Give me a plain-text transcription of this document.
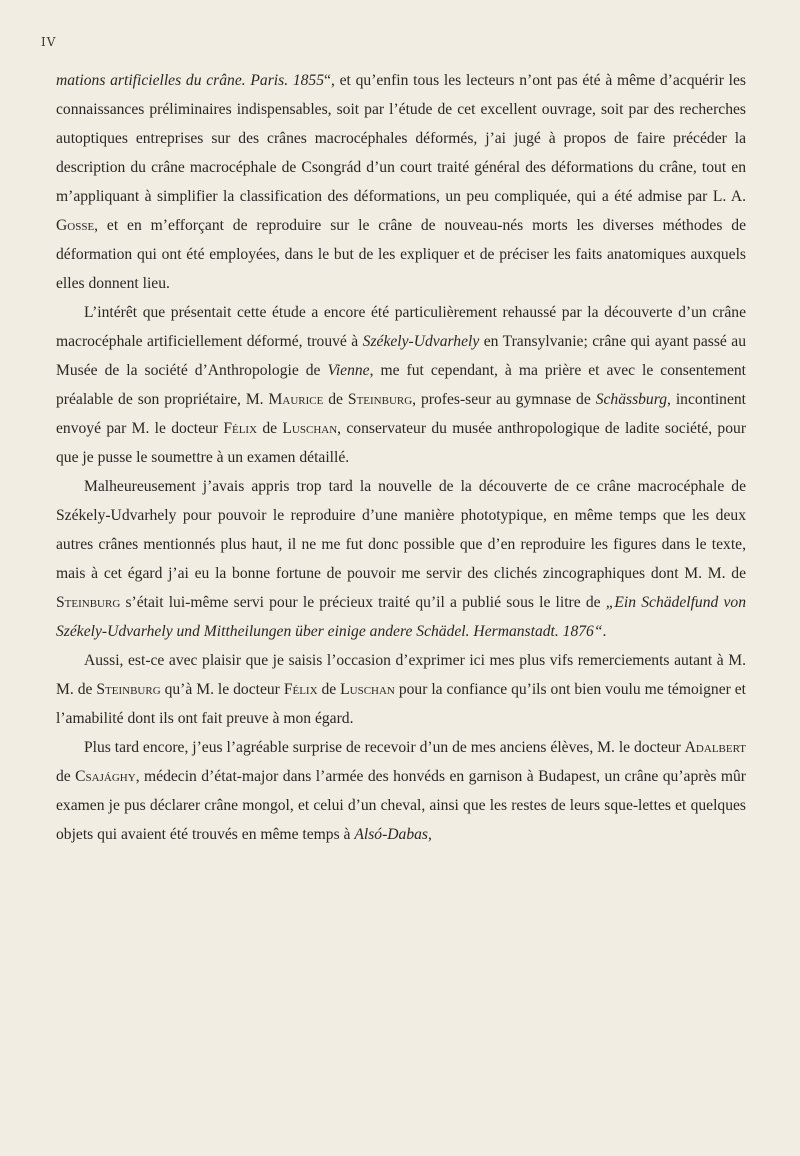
IV

mations artificielles du crâne. Paris. 1855“, et qu’enfin tous les lecteurs n’ont pas été à même d’acquérir les connaissances préliminaires indispensables, soit par l’étude de cet excellent ouvrage, soit par des recherches autoptiques entreprises sur des crânes macrocéphales déformés, j’ai jugé à propos de faire précéder la description du crâne macrocéphale de Csongrád d’un court traité général des déformations du crâne, tout en m’appliquant à simplifier la classification des déformations, un peu compliquée, qui a été admise par L. A. Gosse, et en m’efforçant de reproduire sur le crâne de nouveau-nés morts les diverses méthodes de déformation qui ont été employées, dans le but de les expliquer et de préciser les faits anatomiques auxquels elles donnent lieu.

L’intérêt que présentait cette étude a encore été particulièrement rehaussé par la découverte d’un crâne macrocéphale artificiellement déformé, trouvé à Székely-Udvarhely en Transylvanie; crâne qui ayant passé au Musée de la société d’Anthropologie de Vienne, me fut cependant, à ma prière et avec le consentement préalable de son propriétaire, M. Maurice de Steinburg, profes-seur au gymnase de Schässburg, incontinent envoyé par M. le docteur Félix de Luschan, conservateur du musée anthropologique de ladite société, pour que je pusse le soumettre à un examen détaillé.

Malheureusement j’avais appris trop tard la nouvelle de la découverte de ce crâne macrocéphale de Székely-Udvarhely pour pouvoir le reproduire d’une manière phototypique, en même temps que les deux autres crânes mentionnés plus haut, il ne me fut donc possible que d’en reproduire les figures dans le texte, mais à cet égard j’ai eu la bonne fortune de pouvoir me servir des clichés zincographiques dont M. M. de Steinburg s’était lui-même servi pour le précieux traité qu’il a publié sous le litre de „Ein Schädelfund von Székely-Udvarhely und Mittheilungen über einige andere Schädel. Hermanstadt. 1876“.

Aussi, est-ce avec plaisir que je saisis l’occasion d’exprimer ici mes plus vifs remerciements autant à M. M. de Steinburg qu’à M. le docteur Félix de Luschan pour la confiance qu’ils ont bien voulu me témoigner et l’amabilité dont ils ont fait preuve à mon égard.

Plus tard encore, j’eus l’agréable surprise de recevoir d’un de mes anciens élèves, M. le docteur Adalbert de Csajághy, médecin d’état-major dans l’armée des honvéds en garnison à Budapest, un crâne qu’après mûr examen je pus déclarer crâne mongol, et celui d’un cheval, ainsi que les restes de leurs sque-lettes et quelques objets qui avaient été trouvés en même temps à Alsó-Dabas,
